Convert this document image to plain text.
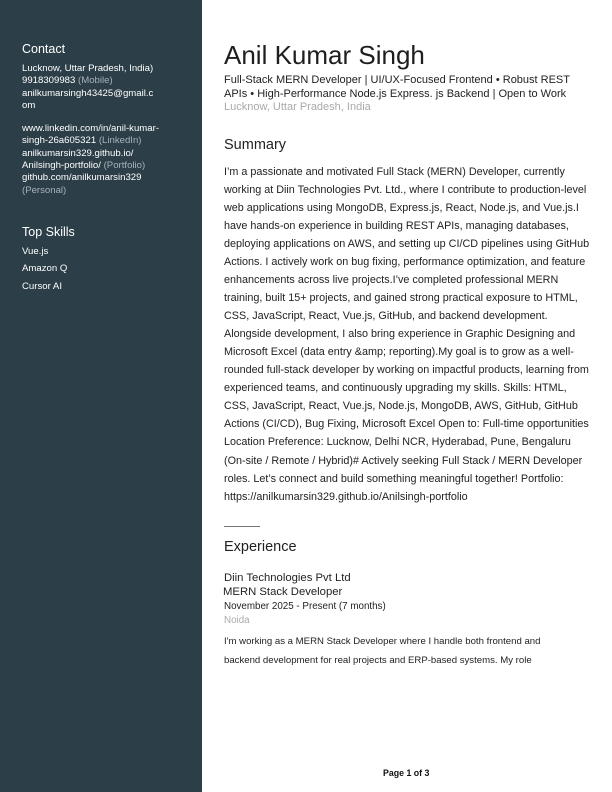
Contact
Lucknow, Uttar Pradesh, India)
9918309983 (Mobile)
anilkumarsingh43425@gmail.c
om
www.linkedin.com/in/anil-kumar-
singh-26a605321 (LinkedIn)
anilkumarsin329.github.io/
Anilsingh-portfolio/ (Portfolio)
github.com/anilkumarsin329
(Personal)
Top Skills
Vue.js
Amazon Q
Cursor AI
Anil Kumar Singh
Full-Stack MERN Developer | UI/UX-Focused Frontend • Robust REST APIs • High-Performance Node.js Express. js Backend | Open to Work
Lucknow, Uttar Pradesh, India
Summary
I’m a passionate and motivated Full Stack (MERN) Developer, currently working at Diin Technologies Pvt. Ltd., where I contribute to production-level web applications using MongoDB, Express.js, React, Node.js, and Vue.js.I have hands-on experience in building REST APIs, managing databases, deploying applications on AWS, and setting up CI/CD pipelines using GitHub Actions. I actively work on bug fixing, performance optimization, and feature enhancements across live projects.I’ve completed professional MERN training, built 15+ projects, and gained strong practical exposure to HTML, CSS, JavaScript, React, Vue.js, GitHub, and backend development. Alongside development, I also bring experience in Graphic Designing and Microsoft Excel (data entry &amp; reporting).My goal is to grow as a well-rounded full-stack developer by working on impactful products, learning from experienced teams, and continuously upgrading my skills. Skills: HTML, CSS, JavaScript, React, Vue.js, Node.js, MongoDB, AWS, GitHub, GitHub Actions (CI/CD), Bug Fixing, Microsoft Excel Open to: Full-time opportunities Location Preference: Lucknow, Delhi NCR, Hyderabad, Pune, Bengaluru (On-site / Remote / Hybrid)# Actively seeking Full Stack / MERN Developer roles. Let’s connect and build something meaningful together! Portfolio: https://anilkumarsin329.github.io/Anilsingh-portfolio
Experience
Diin Technologies Pvt Ltd
MERN Stack Developer
November 2025 - Present (7 months)
Noida
I'm working as a MERN Stack Developer where I handle both frontend and
backend development for real projects and ERP-based systems. My role
Page 1 of 3
